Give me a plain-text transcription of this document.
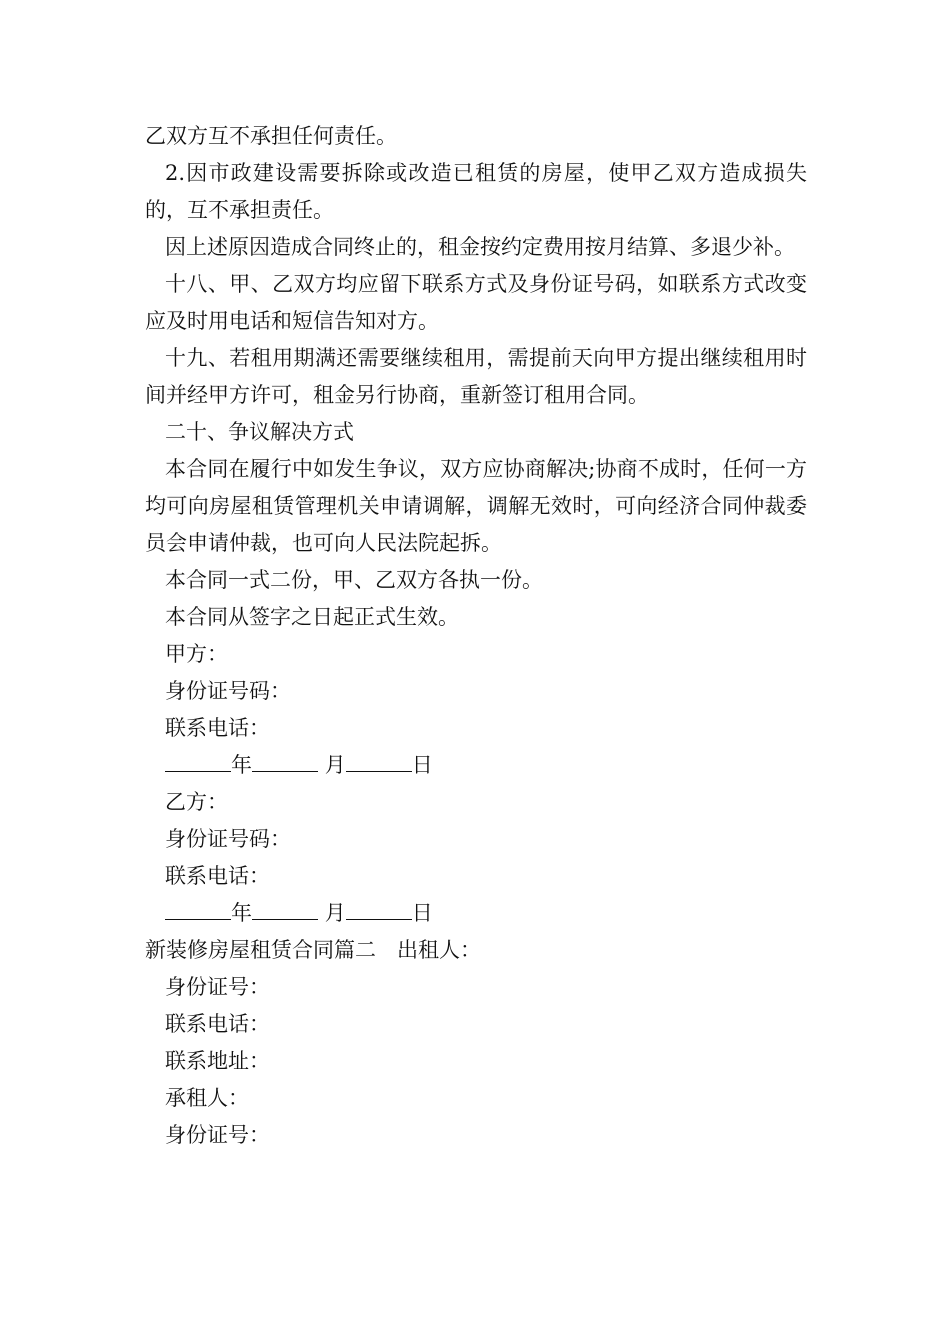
乙双方互不承担任何责任。

2.因市政建设需要拆除或改造已租赁的房屋，使甲乙双方造成损失的，互不承担责任。

因上述原因造成合同终止的，租金按约定费用按月结算、多退少补。

十八、甲、乙双方均应留下联系方式及身份证号码，如联系方式改变应及时用电话和短信告知对方。

十九、若租用期满还需要继续租用，需提前天向甲方提出继续租用时间并经甲方许可，租金另行协商，重新签订租用合同。

二十、争议解决方式

本合同在履行中如发生争议，双方应协商解决;协商不成时，任何一方均可向房屋租赁管理机关申请调解，调解无效时，可向经济合同仲裁委员会申请仲裁，也可向人民法院起拆。

本合同一式二份，甲、乙双方各执一份。

本合同从签字之日起正式生效。

甲方：

身份证号码：

联系电话：

年	月	日

乙方：

身份证号码：

联系电话：

年	月	日

新装修房屋租赁合同篇二　出租人：

身份证号：

联系电话：

联系地址：

承租人：

身份证号：
